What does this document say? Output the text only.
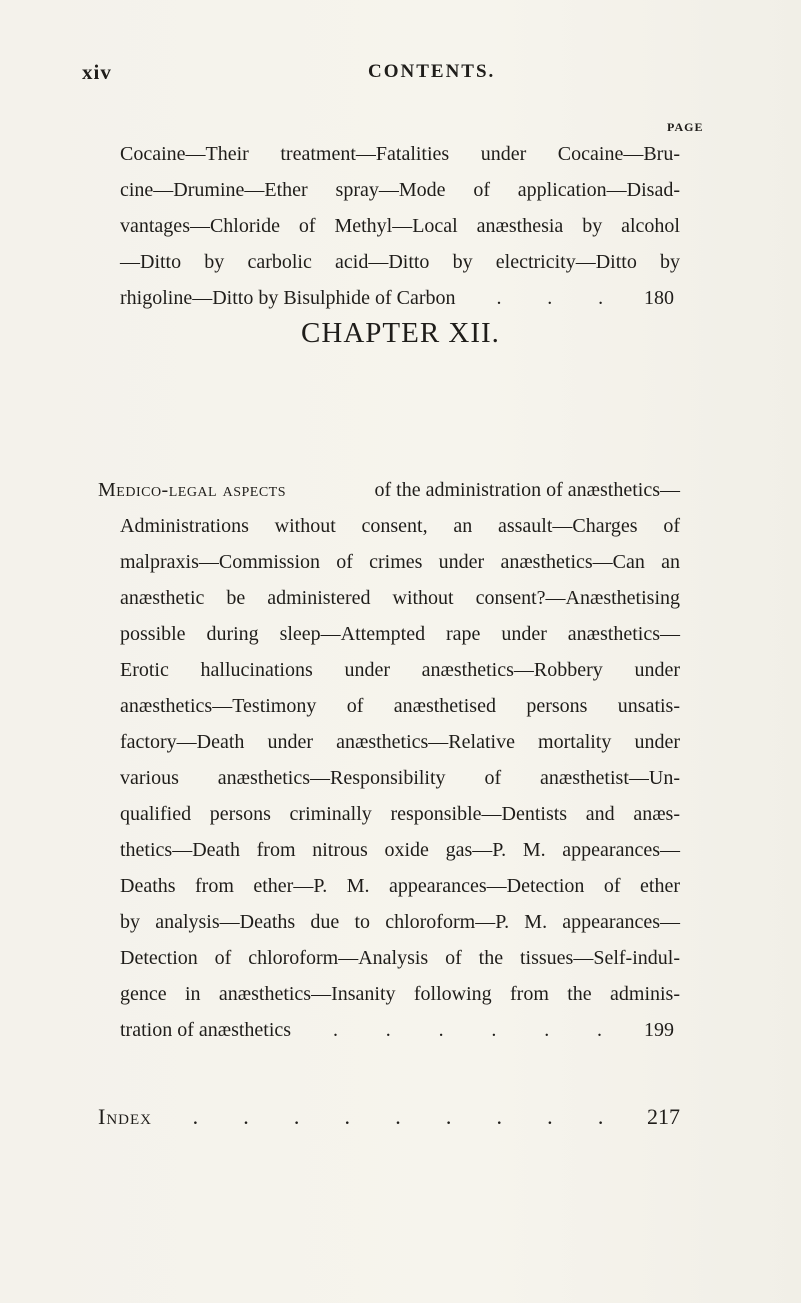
xiv	CONTENTS.
PAGE
Cocaine—Their treatment—Fatalities under Cocaine—Bru-
cine—Drumine—Ether spray—Mode of application—Disad-
vantages—Chloride of Methyl—Local anæsthesia by alcohol
—Ditto by carbolic acid—Ditto by electricity—Ditto by
rhigoline—Ditto by Bisulphide of Carbon . . . 180
CHAPTER XII.
Medico-legal aspects	of the administration of anæsthetics—
Administrations without consent, an assault—Charges of
malpraxis—Commission of crimes under anæsthetics—Can an
anæsthetic be administered without consent?—Anæsthetising
possible during sleep—Attempted rape under anæsthetics—
Erotic hallucinations under anæsthetics—Robbery under
anæsthetics—Testimony of anæsthetised persons unsatis-
factory—Death under anæsthetics—Relative mortality under
various anæsthetics—Responsibility of anæsthetist—Un-
qualified persons criminally responsible—Dentists and anæs-
thetics—Death from nitrous oxide gas—P. M. appearances—
Deaths from ether—P. M. appearances—Detection of ether
by analysis—Deaths due to chloroform—P. M. appearances—
Detection of chloroform—Analysis of the tissues—Self-indul-
gence in anæsthetics—Insanity following from the adminis-
tration of anæsthetics . . . . . . 199
Index . . . . . . . . . 217
